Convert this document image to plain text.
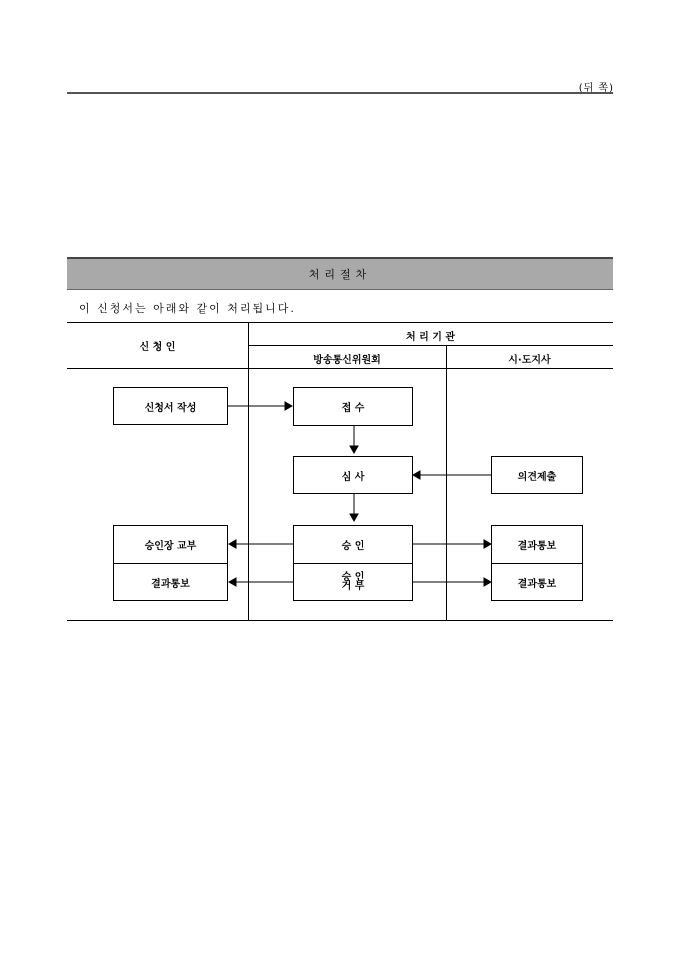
(뒤 쪽)
처리절차
이 신청서는 아래와 같이 처리됩니다.
신 청 인
처 리 기 관
방송통신위원회	시·도지사
신청서 작성	접 수
심 사	의견제출
승인장 교부
결과통보
승 인
승 인
거 부
결과통보
결과통보
